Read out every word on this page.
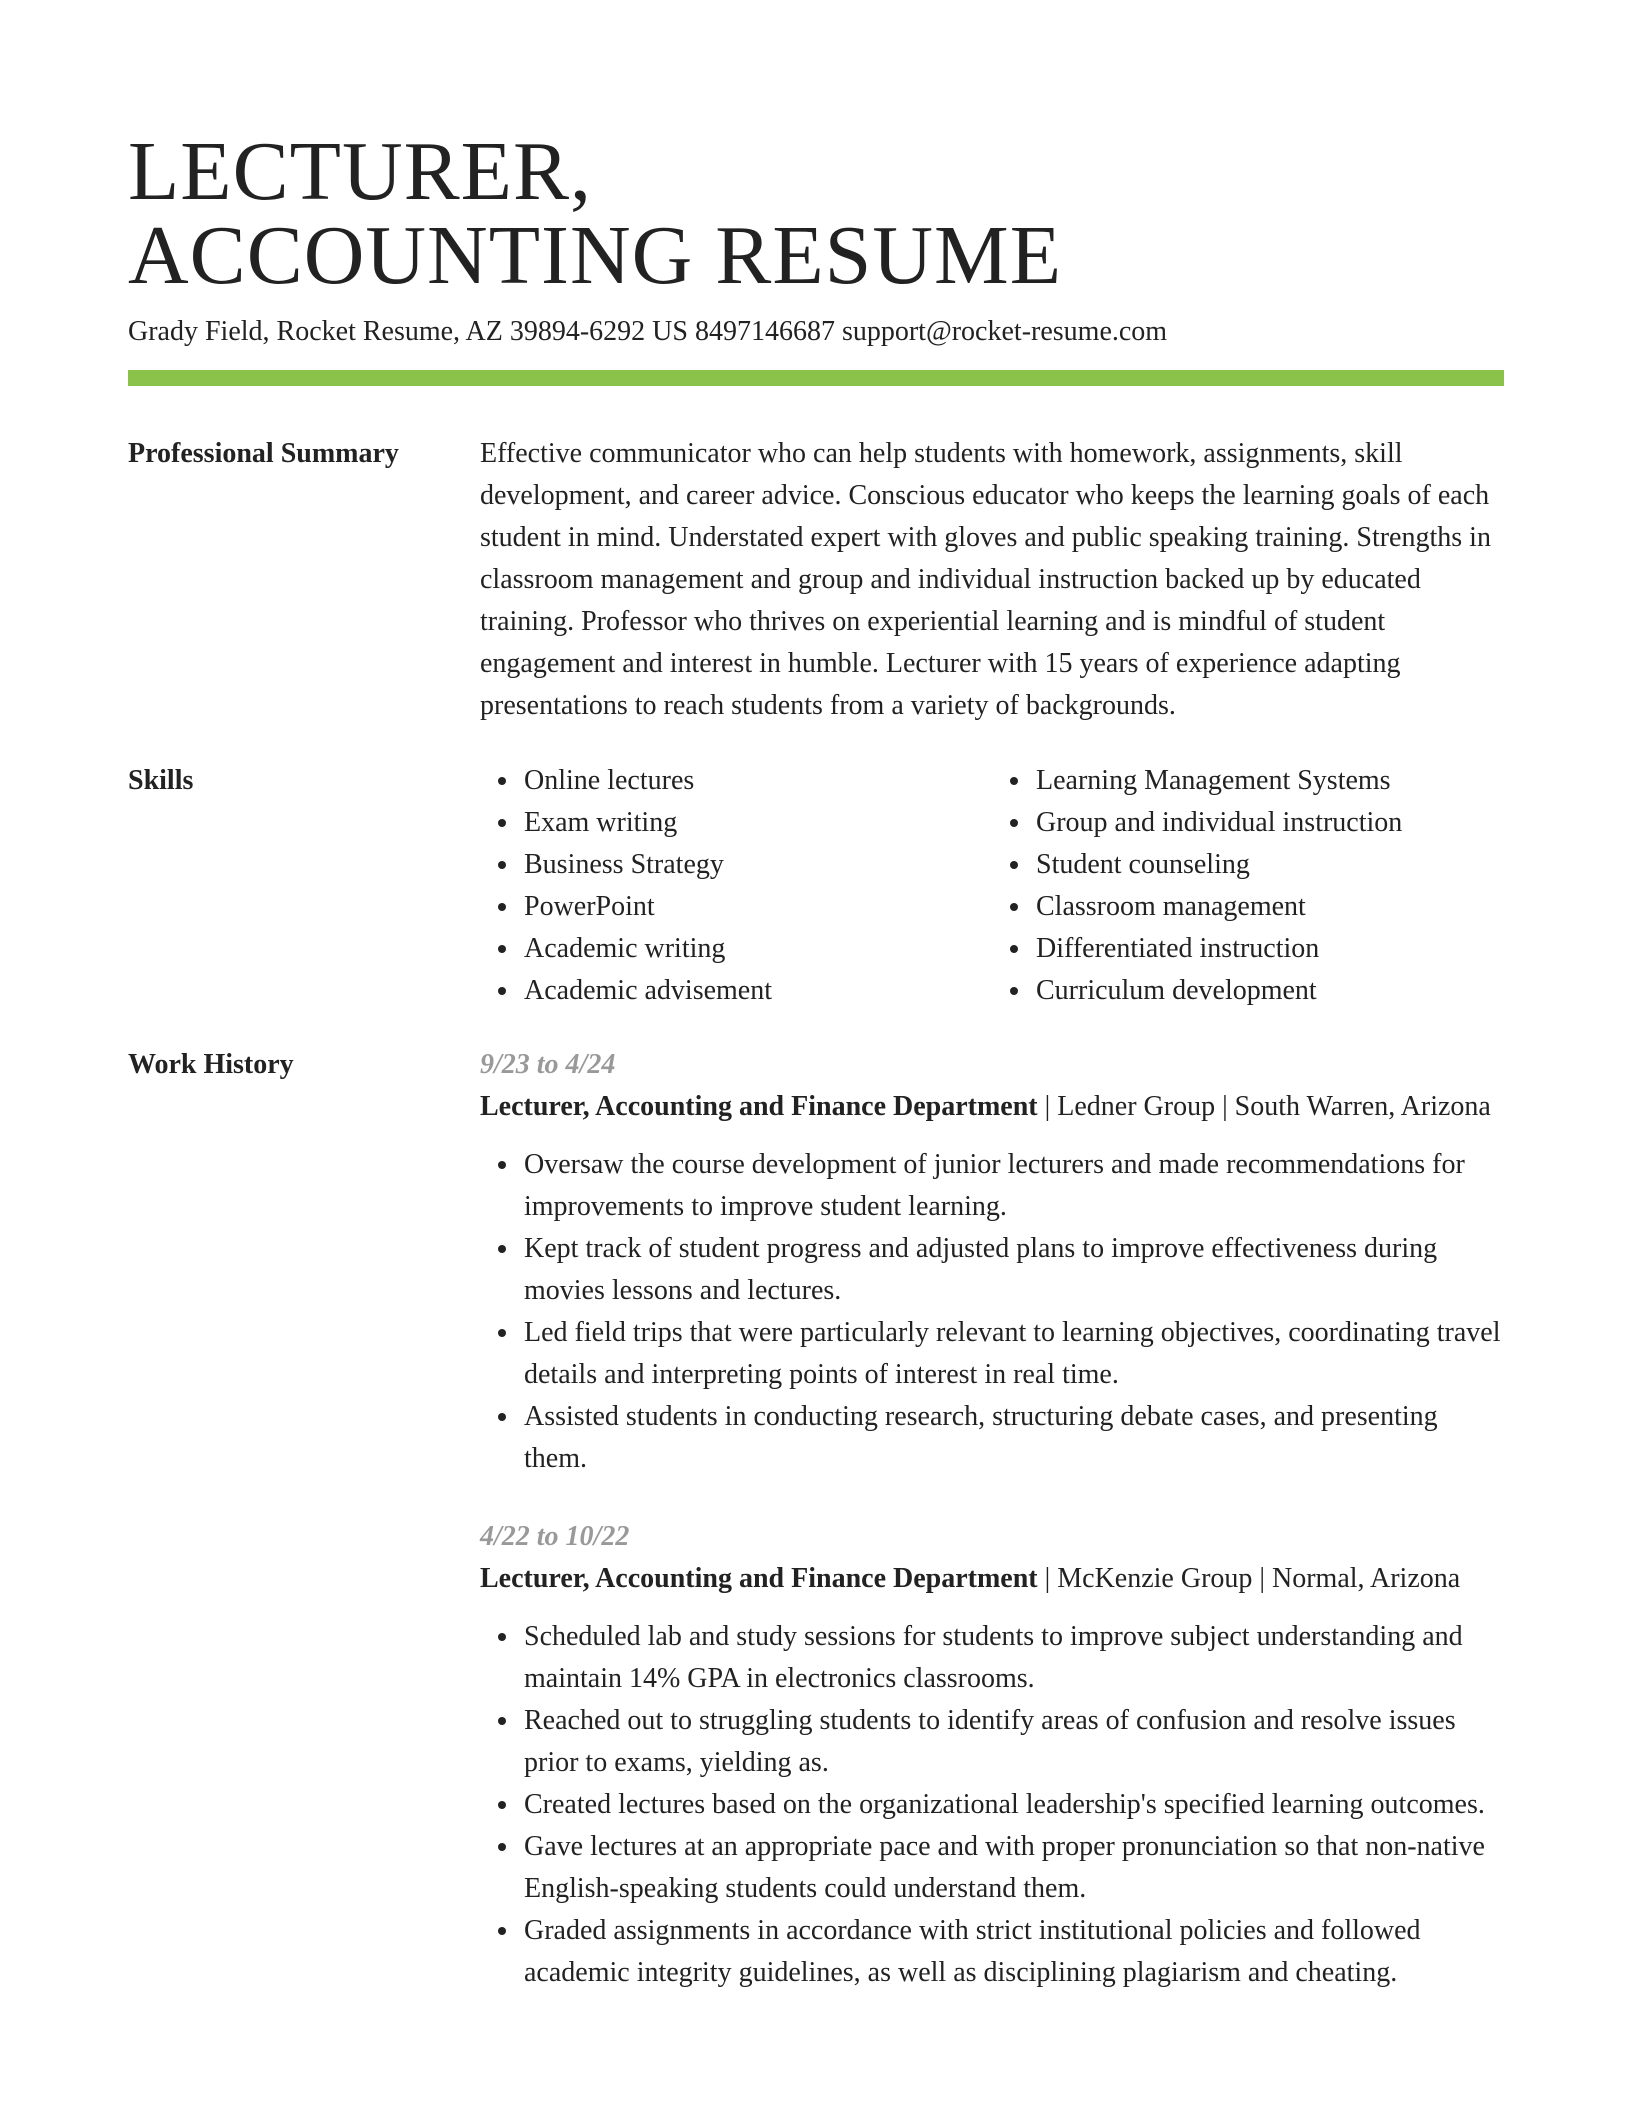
LECTURER,
ACCOUNTING RESUME
Grady Field, Rocket Resume, AZ 39894-6292 US 8497146687 support@rocket-resume.com
Professional Summary	Effective communicator who can help students with homework, assignments, skill development, and career advice. Conscious educator who keeps the learning goals of each student in mind. Understated expert with gloves and public speaking training. Strengths in classroom management and group and individual instruction backed up by educated training. Professor who thrives on experiential learning and is mindful of student engagement and interest in humble. Lecturer with 15 years of experience adapting presentations to reach students from a variety of backgrounds.
Skills	Online lectures
Exam writing
Business Strategy
PowerPoint
Academic writing
Academic advisement
Learning Management Systems
Group and individual instruction
Student counseling
Classroom management
Differentiated instruction
Curriculum development
Work History	9/23 to 4/24
Lecturer, Accounting and Finance Department | Ledner Group | South Warren, Arizona
Oversaw the course development of junior lecturers and made recommendations for improvements to improve student learning.
Kept track of student progress and adjusted plans to improve effectiveness during movies lessons and lectures.
Led field trips that were particularly relevant to learning objectives, coordinating travel details and interpreting points of interest in real time.
Assisted students in conducting research, structuring debate cases, and presenting them.
4/22 to 10/22
Lecturer, Accounting and Finance Department | McKenzie Group | Normal, Arizona
Scheduled lab and study sessions for students to improve subject understanding and maintain 14% GPA in electronics classrooms.
Reached out to struggling students to identify areas of confusion and resolve issues prior to exams, yielding as.
Created lectures based on the organizational leadership's specified learning outcomes.
Gave lectures at an appropriate pace and with proper pronunciation so that non-native English-speaking students could understand them.
Graded assignments in accordance with strict institutional policies and followed academic integrity guidelines, as well as disciplining plagiarism and cheating.
